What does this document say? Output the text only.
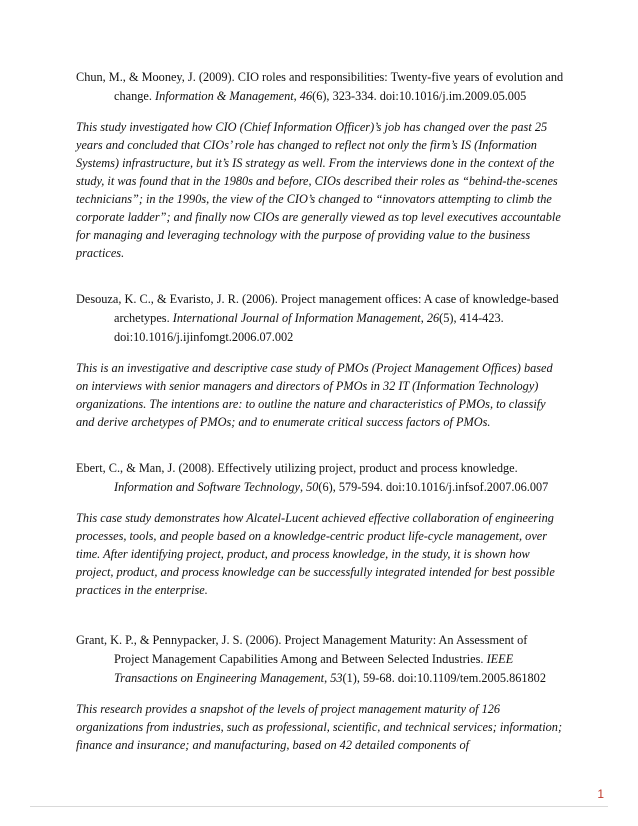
Chun, M., & Mooney, J. (2009). CIO roles and responsibilities: Twenty-five years of evolution and change. Information & Management, 46(6), 323-334. doi:10.1016/j.im.2009.05.005

This study investigated how CIO (Chief Information Officer)’s job has changed over the past 25 years and concluded that CIOs’ role has changed to reflect not only the firm’s IS (Information Systems) infrastructure, but it’s IS strategy as well. From the interviews done in the context of the study, it was found that in the 1980s and before, CIOs described their roles as “behind-the-scenes technicians”; in the 1990s, the view of the CIO’s changed to “innovators attempting to climb the corporate ladder”; and finally now CIOs are generally viewed as top level executives accountable for managing and leveraging technology with the purpose of providing value to the business practices.

Desouza, K. C., & Evaristo, J. R. (2006). Project management offices: A case of knowledge-based archetypes. International Journal of Information Management, 26(5), 414-423. doi:10.1016/j.ijinfomgt.2006.07.002

This is an investigative and descriptive case study of PMOs (Project Management Offices) based on interviews with senior managers and directors of PMOs in 32 IT (Information Technology) organizations. The intentions are: to outline the nature and characteristics of PMOs, to classify and derive archetypes of PMOs; and to enumerate critical success factors of PMOs.

Ebert, C., & Man, J. (2008). Effectively utilizing project, product and process knowledge. Information and Software Technology, 50(6), 579-594. doi:10.1016/j.infsof.2007.06.007

This case study demonstrates how Alcatel-Lucent achieved effective collaboration of engineering processes, tools, and people based on a knowledge-centric product life-cycle management, over time. After identifying project, product, and process knowledge, in the study, it is shown how project, product, and process knowledge can be successfully integrated intended for best possible practices in the enterprise.

Grant, K. P., & Pennypacker, J. S. (2006). Project Management Maturity: An Assessment of Project Management Capabilities Among and Between Selected Industries. IEEE Transactions on Engineering Management, 53(1), 59-68. doi:10.1109/tem.2005.861802

This research provides a snapshot of the levels of project management maturity of 126 organizations from industries, such as professional, scientific, and technical services; information; finance and insurance; and manufacturing, based on 42 detailed components of

1
